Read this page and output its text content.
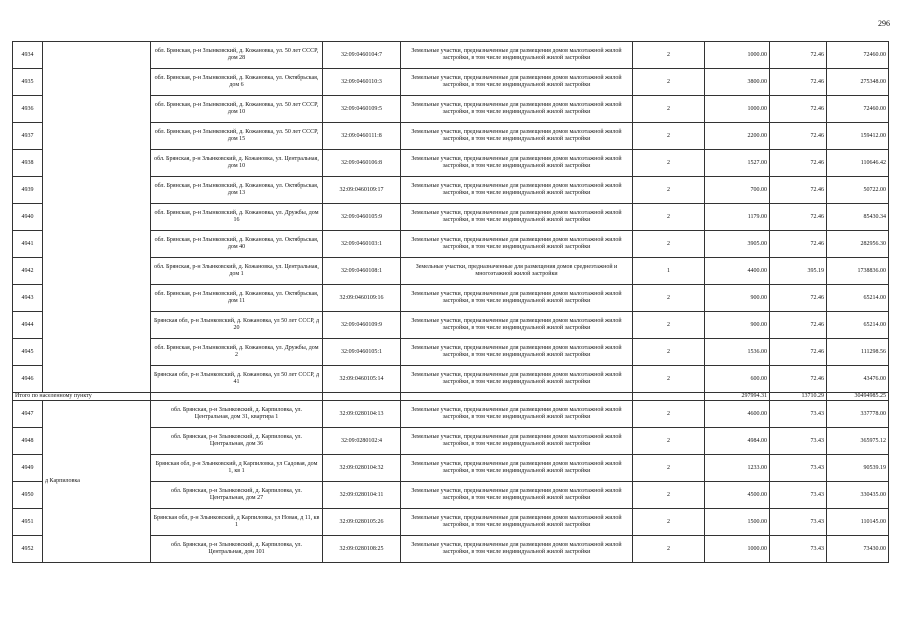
296
4934		обл. Брянская, р-н Злынковский, д. Кожановка, ул. 50 лет СССР, дом 28	32:09:0460104:7	Земельные участки, предназначенные для размещения домов малоэтажной жилой застройки, в том числе индивидуальной жилой застройки	2	1000.00	72.46	72460.00
4935		обл. Брянская, р-н Злынковский, д. Кожановка, ул. Октябрьская, дом 6	32:09:0460110:3	Земельные участки, предназначенные для размещения домов малоэтажной жилой застройки, в том числе индивидуальной жилой застройки	2	3800.00	72.46	275348.00
4936		обл. Брянская, р-н Злынковский, д. Кожановка, ул. 50 лет СССР, дом 10	32:09:0460109:5	Земельные участки, предназначенные для размещения домов малоэтажной жилой застройки, в том числе индивидуальной жилой застройки	2	1000.00	72.46	72460.00
4937		обл. Брянская, р-н Злынковский, д. Кожановка, ул. 50 лет СССР, дом 15	32:09:0460111:8	Земельные участки, предназначенные для размещения домов малоэтажной жилой застройки, в том числе индивидуальной жилой застройки	2	2200.00	72.46	159412.00
4938		обл. Брянская, р-н Злынковский, д. Кожановка, ул. Центральная, дом 10	32:09:0460106:8	Земельные участки, предназначенные для размещения домов малоэтажной жилой застройки, в том числе индивидуальной жилой застройки	2	1527.00	72.46	110646.42
4939		обл. Брянская, р-н Злынковский, д. Кожановка, ул. Октябрьская, дом 13	32:09:0460109:17	Земельные участки, предназначенные для размещения домов малоэтажной жилой застройки, в том числе индивидуальной жилой застройки	2	700.00	72.46	50722.00
4940		обл. Брянская, р-н Злынковский, д. Кожановка, ул. Дружбы, дом 16	32:09:0460105:9	Земельные участки, предназначенные для размещения домов малоэтажной жилой застройки, в том числе индивидуальной жилой застройки	2	1179.00	72.46	85430.34
4941		обл. Брянская, р-н Злынковский, д. Кожановка, ул. Октябрьская, дом 40	32:09:0460103:1	Земельные участки, предназначенные для размещения домов малоэтажной жилой застройки, в том числе индивидуальной жилой застройки	2	3905.00	72.46	282956.30
4942		обл. Брянская, р-н Злынковский, д. Кожановка, ул. Центральная, дом 1	32:09:0460108:1	Земельные участки, предназначенные для размещения домов среднеэтажной и многоэтажной жилой застройки	1	4400.00	395.19	1738836.00
4943		обл. Брянская, р-н Злынковский, д. Кожановка, ул. Октябрьская, дом 11	32:09:0460109:16	Земельные участки, предназначенные для размещения домов малоэтажной жилой застройки, в том числе индивидуальной жилой застройки	2	900.00	72.46	65214.00
4944		Брянская обл, р-н Злынковский, д. Кожановка, ул 50 лет СССР, д 20	32:09:0460109:9	Земельные участки, предназначенные для размещения домов малоэтажной жилой застройки, в том числе индивидуальной жилой застройки	2	900.00	72.46	65214.00
4945		обл. Брянская, р-н Злынковский, д. Кожановка, ул. Дружбы, дом 2	32:09:0460105:1	Земельные участки, предназначенные для размещения домов малоэтажной жилой застройки, в том числе индивидуальной жилой застройки	2	1536.00	72.46	111298.56
4946		Брянская обл, р-н Злынковский, д. Кожановка, ул 50 лет СССР, д 41	32:09:0460105:14	Земельные участки, предназначенные для размещения домов малоэтажной жилой застройки, в том числе индивидуальной жилой застройки	2	600.00	72.46	43476.00
Итого по населенному пункту						297994.31	13710.29	30494985.25
4947	д Карпиловка	обл. Брянская, р-н Злынковский, д. Карпиловка, ул. Центральная, дом 31, квартира 1	32:09:0280104:13	Земельные участки, предназначенные для размещения домов малоэтажной жилой застройки, в том числе индивидуальной жилой застройки	2	4600.00	73.43	337778.00
4948		обл. Брянская, р-н Злынковский, д. Карпиловка, ул. Центральная, дом 36	32:09:0280102:4	Земельные участки, предназначенные для размещения домов малоэтажной жилой застройки, в том числе индивидуальной жилой застройки	2	4984.00	73.43	365975.12
4949		Брянская обл, р-н Злынковский, д Карпиловка, ул Садовая, дом 1, кв 1	32:09:0280104:32	Земельные участки, предназначенные для размещения домов малоэтажной жилой застройки, в том числе индивидуальной жилой застройки	2	1233.00	73.43	90539.19
4950		обл. Брянская, р-н Злынковский, д. Карпиловка, ул. Центральная, дом 27	32:09:0280104:11	Земельные участки, предназначенные для размещения домов малоэтажной жилой застройки, в том числе индивидуальной жилой застройки	2	4500.00	73.43	330435.00
4951		Брянская обл, р-н Злынковский, д Карпиловка, ул Новая, д 11, кв 1	32:09:0280105:26	Земельные участки, предназначенные для размещения домов малоэтажной жилой застройки, в том числе индивидуальной жилой застройки	2	1500.00	73.43	110145.00
4952		обл. Брянская, р-н Злынковский, д. Карпиловка, ул. Центральная, дом 101	32:09:0280108:25	Земельные участки, предназначенные для размещения домов малоэтажной жилой застройки, в том числе индивидуальной жилой застройки	2	1000.00	73.43	73430.00
